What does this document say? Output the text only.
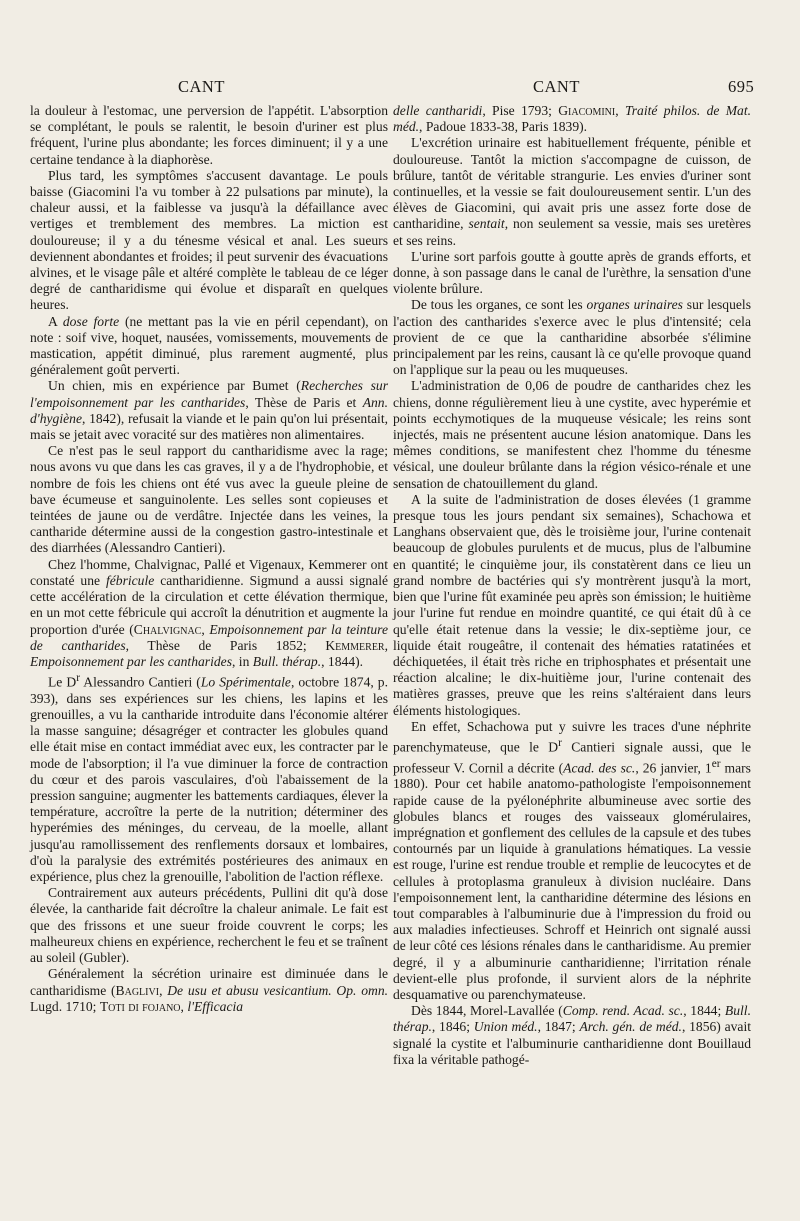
CANT	CANT	695

la douleur à l'estomac, une perversion de l'appétit. L'absorption se complétant, le pouls se ralentit, le besoin d'uriner est plus fréquent, l'urine plus abondante; les forces diminuent; il y a une certaine tendance à la diaphorèse.

Plus tard, les symptômes s'accusent davantage. Le pouls baisse (Giacomini l'a vu tomber à 22 pulsations par minute), la chaleur aussi, et la faiblesse va jusqu'à la défaillance avec vertiges et tremblement des membres. La miction est douloureuse; il y a du ténesme vésical et anal. Les sueurs deviennent abondantes et froides; il peut survenir des évacuations alvines, et le visage pâle et altéré complète le tableau de ce léger degré de cantharidisme qui évolue et disparaît en quelques heures.

A dose forte (ne mettant pas la vie en péril cependant), on note : soif vive, hoquet, nausées, vomissements, mouvements de mastication, appétit diminué, plus rarement augmenté, plus généralement goût perverti.

Un chien, mis en expérience par Bumet (Recherches sur l'empoisonnement par les cantharides, Thèse de Paris et Ann. d'hygiène, 1842), refusait la viande et le pain qu'on lui présentait, mais se jetait avec voracité sur des matières non alimentaires.

Ce n'est pas le seul rapport du cantharidisme avec la rage; nous avons vu que dans les cas graves, il y a de l'hydrophobie, et nombre de fois les chiens ont été vus avec la gueule pleine de bave écumeuse et sanguinolente. Les selles sont copieuses et teintées de jaune ou de verdâtre. Injectée dans les veines, la cantharide détermine aussi de la congestion gastro-intestinale et des diarrhées (Alessandro Cantieri).

Chez l'homme, Chalvignac, Pallé et Vigenaux, Kemmerer ont constaté une fébricule cantharidienne. Sigmund a aussi signalé cette accélération de la circulation et cette élévation thermique, en un mot cette fébricule qui accroît la dénutrition et augmente la proportion d'urée (Chalvignac, Empoisonnement par la teinture de cantharides, Thèse de Paris 1852; Kemmerer, Empoisonnement par les cantharides, in Bull. thérap., 1844).

Le $D^r$ Alessandro Cantieri (Lo Spérimentale, octobre 1874, p. 393), dans ses expériences sur les chiens, les lapins et les grenouilles, a vu la cantharide introduite dans l'économie altérer la masse sanguine; désagréger et contracter les globules quand elle était mise en contact immédiat avec eux, les contracter par le mode de l'absorption; il l'a vue diminuer la force de contraction du cœur et des parois vasculaires, d'où l'abaissement de la pression sanguine; augmenter les battements cardiaques, élever la température, accroître la perte de la nutrition; déterminer des hyperémies des méninges, du cerveau, de la moelle, allant jusqu'au ramollissement des renflements dorsaux et lombaires, d'où la paralysie des extrémités postérieures des animaux en expérience, plus chez la grenouille, l'abolition de l'action réflexe.

Contrairement aux auteurs précédents, Pullini dit qu'à dose élevée, la cantharide fait décroître la chaleur animale. Le fait est que des frissons et une sueur froide couvrent le corps; les malheureux chiens en expérience, recherchent le feu et se traînent au soleil (Gubler).

Généralement la sécrétion urinaire est diminuée dans le cantharidisme (Baglivi, De usu et abusu vesicantium. Op. omn. Lugd. 1710; Toti di fojano, l'Efficacia

delle cantharidi, Pise 1793; Giacomini, Traité philos. de Mat. méd., Padoue 1833-38, Paris 1839).

L'excrétion urinaire est habituellement fréquente, pénible et douloureuse. Tantôt la miction s'accompagne de cuisson, de brûlure, tantôt de véritable strangurie. Les envies d'uriner sont continuelles, et la vessie se fait douloureusement sentir. L'un des élèves de Giacomini, qui avait pris une assez forte dose de cantharidine, sentait, non seulement sa vessie, mais ses uretères et ses reins.

L'urine sort parfois goutte à goutte après de grands efforts, et donne, à son passage dans le canal de l'urèthre, la sensation d'une violente brûlure.

De tous les organes, ce sont les organes urinaires sur lesquels l'action des cantharides s'exerce avec le plus d'intensité; cela provient de ce que la cantharidine absorbée s'élimine principalement par les reins, causant là ce qu'elle provoque quand on l'applique sur la peau ou les muqueuses.

L'administration de 0,06 de poudre de cantharides chez les chiens, donne régulièrement lieu à une cystite, avec hyperémie et points ecchymotiques de la muqueuse vésicale; les reins sont injectés, mais ne présentent aucune lésion anatomique. Dans les mêmes conditions, se manifestent chez l'homme du ténesme vésical, une douleur brûlante dans la région vésico-rénale et une sensation de chatouillement du gland.

A la suite de l'administration de doses élevées (1 gramme presque tous les jours pendant six semaines), Schachowa et Langhans observaient que, dès le troisième jour, l'urine contenait beaucoup de globules purulents et de mucus, plus de l'albumine en quantité; le cinquième jour, ils constatèrent dans ce lieu un grand nombre de bactéries qui s'y montrèrent jusqu'à la mort, bien que l'urine fût examinée peu après son émission; le huitième jour l'urine fut rendue en moindre quantité, ce qui était dû à ce qu'elle était retenue dans la vessie; le dix-septième jour, ce liquide était rougeâtre, il contenait des hématies ratatinées et déchiquetées, il était très riche en triphosphates et présentait une réaction alcaline; le dix-huitième jour, l'urine contenait des matières grasses, preuve que les reins s'altéraient dans leurs éléments histologiques.

En effet, Schachowa put y suivre les traces d'une néphrite parenchymateuse, que le $D^r$ Cantieri signale aussi, que le professeur V. Cornil a décrite (Acad. des sc., 26 janvier, 1er mars 1880). Pour cet habile anatomo-pathologiste l'empoisonnement rapide cause de la pyélonéphrite albumineuse avec sortie des globules blancs et rouges des vaisseaux glomérulaires, imprégnation et gonflement des cellules de la capsule et des tubes contournés par un liquide à granulations hématiques. La vessie est rouge, l'urine est rendue trouble et remplie de leucocytes et de cellules à protoplasma granuleux à division nucléaire. Dans l'empoisonnement lent, la cantharidine détermine des lésions en tout comparables à l'albuminurie due à l'impression du froid ou aux maladies infectieuses. Schroff et Heinrich ont signalé aussi de leur côté ces lésions rénales dans le cantharidisme. Au premier degré, il y a albuminurie cantharidienne; l'irritation rénale devient-elle plus profonde, il survient alors de la néphrite desquamative ou parenchymateuse.

Dès 1844, Morel-Lavallée (Comp. rend. Acad. sc., 1844; Bull. thérap., 1846; Union méd., 1847; Arch. gén. de méd., 1856) avait signalé la cystite et l'albuminurie cantharidienne dont Bouillaud fixa la véritable pathogé-
